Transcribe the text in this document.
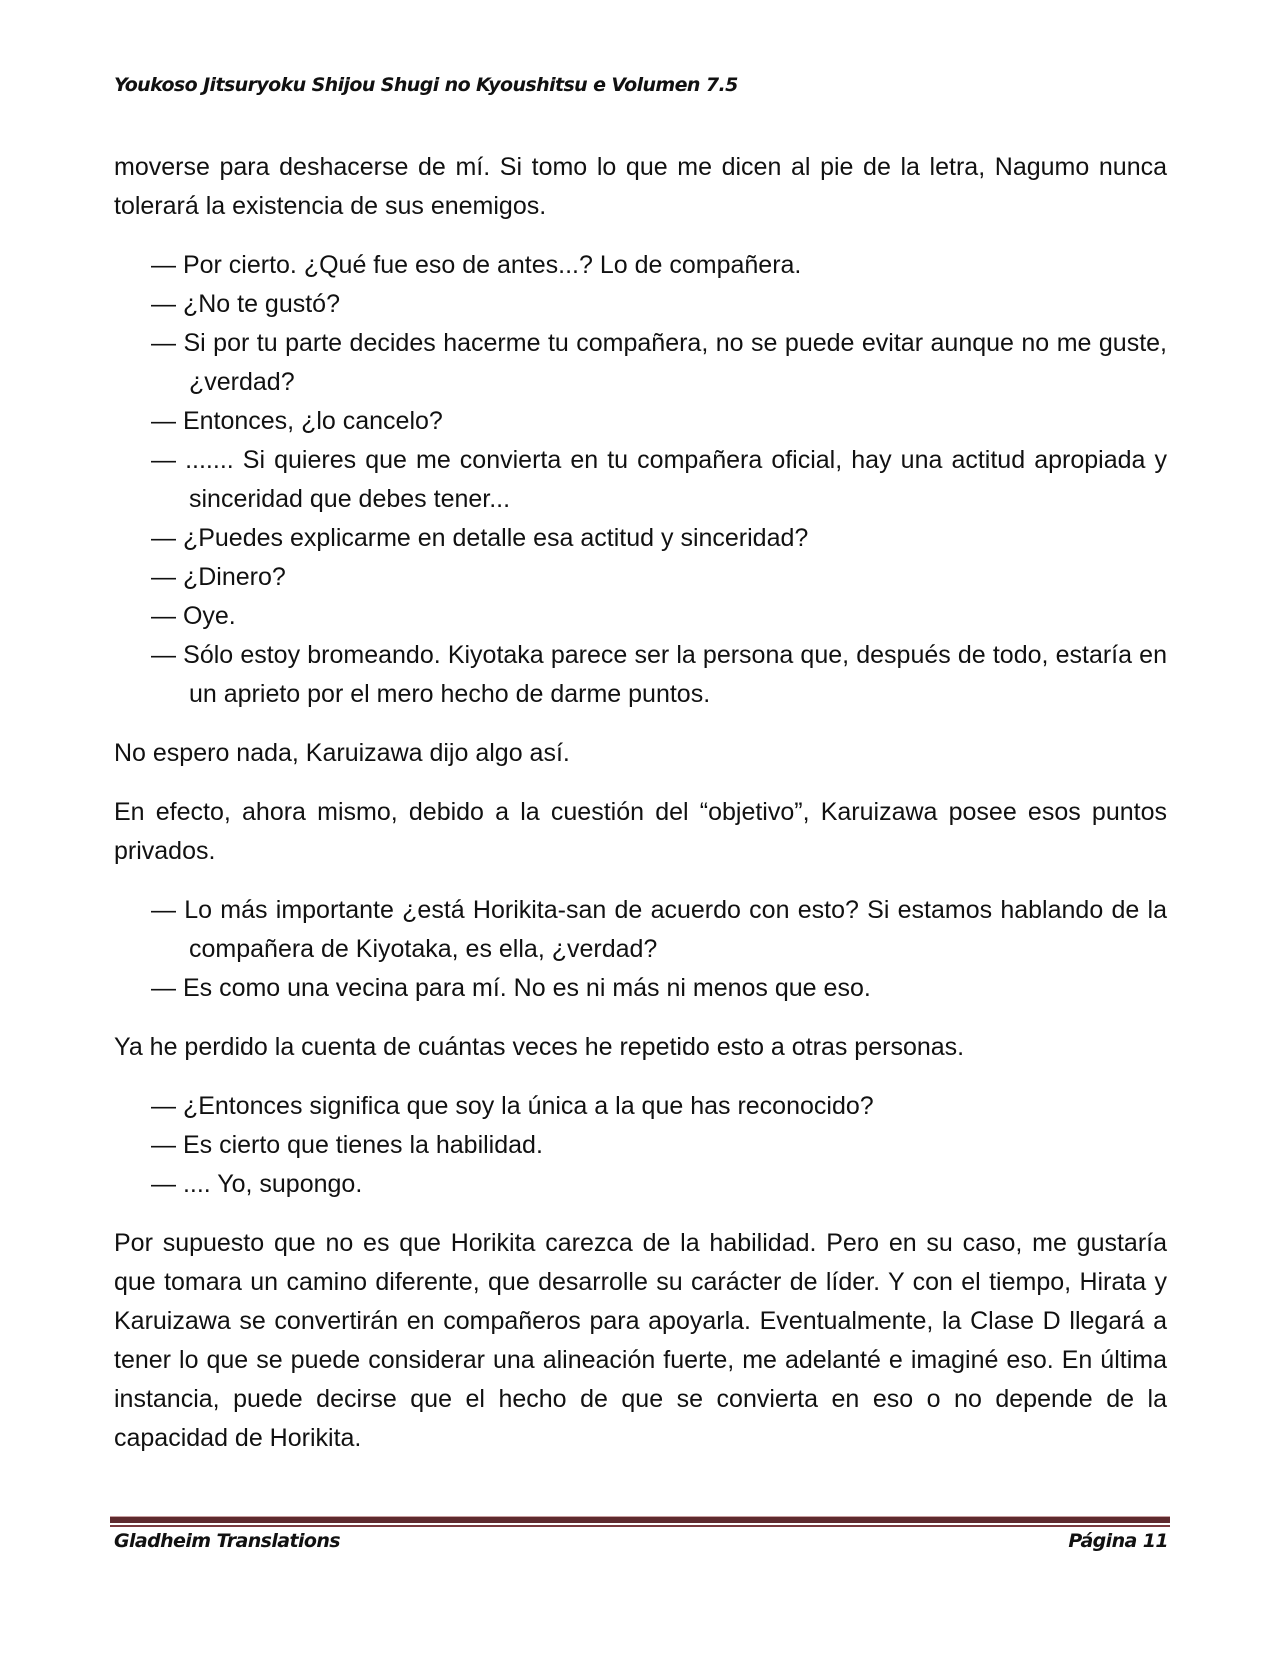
Youkoso Jitsuryoku Shijou Shugi no Kyoushitsu e Volumen 7.5

moverse para deshacerse de mí. Si tomo lo que me dicen al pie de la letra, Nagumo nunca tolerará la existencia de sus enemigos.

— Por cierto. ¿Qué fue eso de antes...? Lo de compañera.
— ¿No te gustó?
— Si por tu parte decides hacerme tu compañera, no se puede evitar aunque no me guste, ¿verdad?
— Entonces, ¿lo cancelo?
— ....... Si quieres que me convierta en tu compañera oficial, hay una actitud apropiada y sinceridad que debes tener...
— ¿Puedes explicarme en detalle esa actitud y sinceridad?
— ¿Dinero?
— Oye.
— Sólo estoy bromeando. Kiyotaka parece ser la persona que, después de todo, estaría en un aprieto por el mero hecho de darme puntos.

No espero nada, Karuizawa dijo algo así.

En efecto, ahora mismo, debido a la cuestión del “objetivo”, Karuizawa posee esos puntos privados.

— Lo más importante ¿está Horikita-san de acuerdo con esto? Si estamos hablando de la compañera de Kiyotaka, es ella, ¿verdad?
— Es como una vecina para mí. No es ni más ni menos que eso.

Ya he perdido la cuenta de cuántas veces he repetido esto a otras personas.

— ¿Entonces significa que soy la única a la que has reconocido?
— Es cierto que tienes la habilidad.
— .... Yo, supongo.

Por supuesto que no es que Horikita carezca de la habilidad. Pero en su caso, me gustaría que tomara un camino diferente, que desarrolle su carácter de líder. Y con el tiempo, Hirata y Karuizawa se convertirán en compañeros para apoyarla. Eventualmente, la Clase D llegará a tener lo que se puede considerar una alineación fuerte, me adelanté e imaginé eso. En última instancia, puede decirse que el hecho de que se convierta en eso o no depende de la capacidad de Horikita.

Gladheim Translations	Página 11
